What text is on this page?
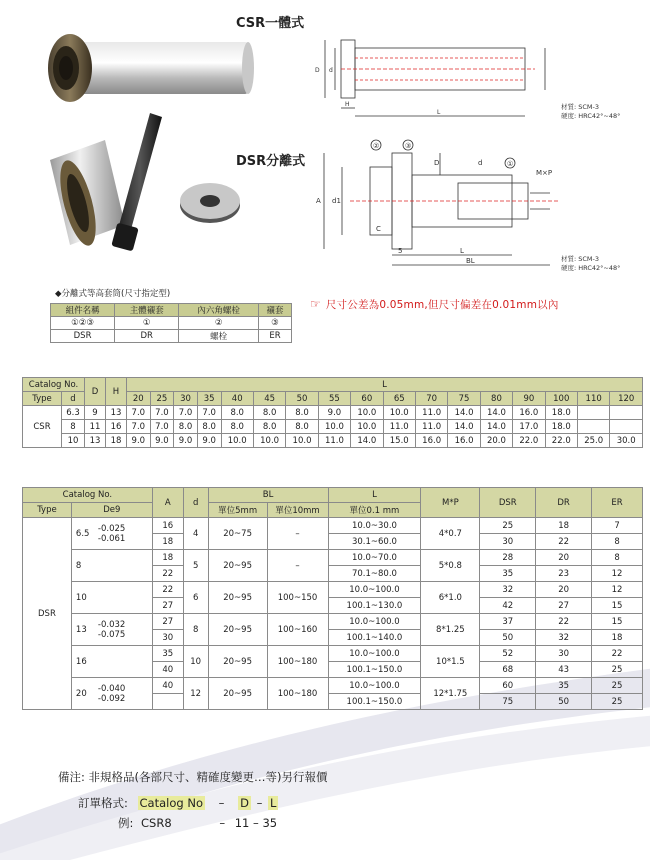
CSR一體式
D d
H
L
材質: SCM-3
硬度: HRC42°~48°
DSR分離式
②	③
①
A d1
D
C
5	L
BL
M×P
d
材質: SCM-3
硬度: HRC42°~48°
◆分離式等高套筒(尺寸指定型)
組件名稱	主體襯套	內六角螺栓	襯套
①②③	①	②	③
DSR	DR	螺栓	ER
☞ 尺寸公差為0.05mm,但尺寸偏差在0.01mm以內
Catalog No.		D	H	L																
Type	d			20	25	30	35	40	45	50	55	60	65	70	75	80	90	100	110	120
CSR	6.3	9	13	7.0	7.0	7.0	7.0	8.0	8.0	8.0	9.0	10.0	10.0	11.0	14.0	14.0	16.0	18.0		
	8	11	16	7.0	7.0	8.0	8.0	8.0	8.0	8.0	10.0	10.0	11.0	11.0	14.0	14.0	17.0	18.0		
	10	13	18	9.0	9.0	9.0	9.0	10.0	10.0	10.0	11.0	14.0	15.0	16.0	16.0	20.0	22.0	22.0	25.0	30.0
Catalog No.		A	d	BL		L	M*P	DSR	DR	ER
Type	De9			單位5mm	單位10mm	單位0.1 mm				
DSR	6.5
-0.025
-0.061	16	4	20~75	–	10.0~30.0	4*0.7	25	18	7
		18				30.1~60.0		30	22	8
	8	18	5	20~95	–	10.0~70.0	5*0.8	28	20	8
		22				70.1~80.0		35	23	12
	10	22	6	20~95	100~150	10.0~100.0	6*1.0	32	20	12
		27				100.1~130.0		42	27	15
	13
-0.032
-0.075	27	8	20~95	100~160	10.0~100.0	8*1.25	37	22	15
		30				100.1~140.0		50	32	18
	16	35	10	20~95	100~180	10.0~100.0	10*1.5	52	30	22
		40				100.1~150.0		68	43	25
	20
-0.040
-0.092	40	12	20~95	100~180	10.0~100.0	12*1.75	60	35	25
						100.1~150.0		75	50	25
備注: 非規格品(各部尺寸、精確度變更…等)另行報價
訂單格式: Catalog No – D – L
例: CSR8	– 11 – 35
